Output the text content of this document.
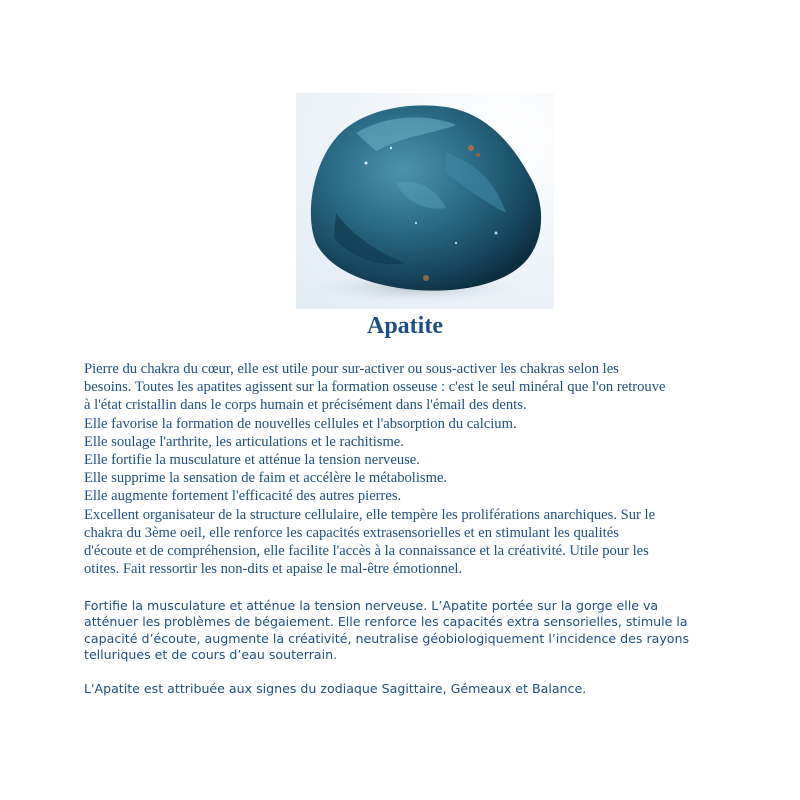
Apatite
Pierre du chakra du cœur, elle est utile pour sur-activer ou sous-activer les chakras selon les
besoins. Toutes les apatites agissent sur la formation osseuse : c'est le seul minéral que l'on retrouve
à l'état cristallin dans le corps humain et précisément dans l'émail des dents.
Elle favorise la formation de nouvelles cellules et l'absorption du calcium.
Elle soulage l'arthrite, les articulations et le rachitisme.
Elle fortifie la musculature et atténue la tension nerveuse.
Elle supprime la sensation de faim et accélère le métabolisme.
Elle augmente fortement l'efficacité des autres pierres.
Excellent organisateur de la structure cellulaire, elle tempère les proliférations anarchiques. Sur le
chakra du 3ème oeil, elle renforce les capacités extrasensorielles et en stimulant les qualités
d'écoute et de compréhension, elle facilite l'accès à la connaissance et la créativité. Utile pour les
otites. Fait ressortir les non-dits et apaise le mal-être émotionnel.
Fortifie la musculature et atténue la tension nerveuse. L’Apatite portée sur la gorge elle va
atténuer les problèmes de bégaiement. Elle renforce les capacités extra sensorielles, stimule la
capacité d’écoute, augmente la créativité, neutralise géobiologiquement l’incidence des rayons
telluriques et de cours d’eau souterrain.
L'Apatite est attribuée aux signes du zodiaque Sagittaire, Gémeaux et Balance.
